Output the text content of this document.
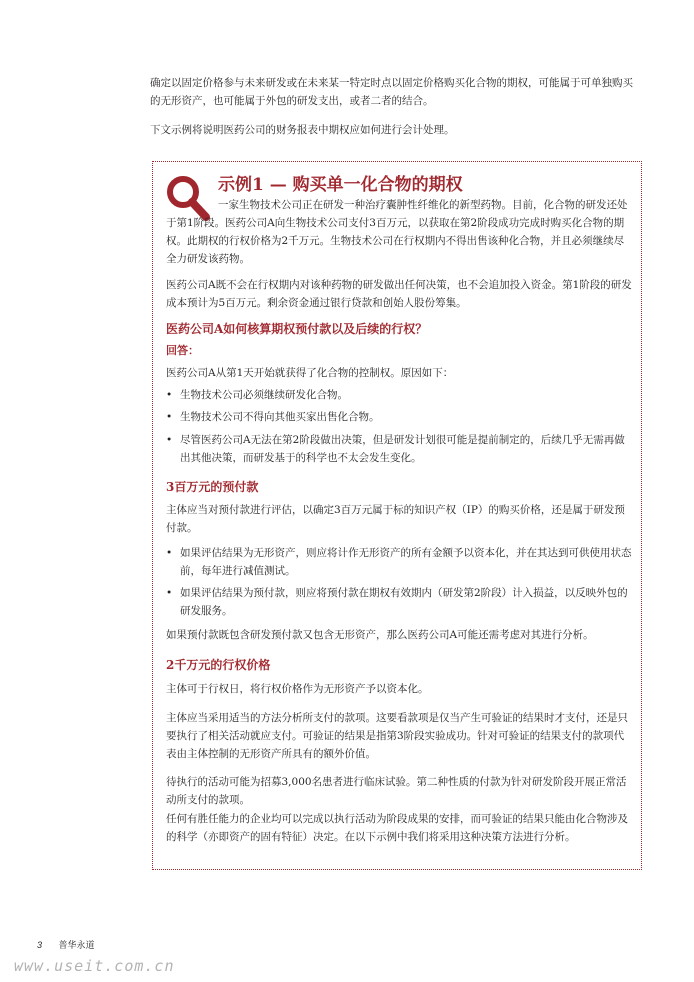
确定以固定价格参与未来研发或在未来某一特定时点以固定价格购买化合物的期权，可能属于可单独购买的无形资产，也可能属于外包的研发支出，或者二者的结合。

下文示例将说明医药公司的财务报表中期权应如何进行会计处理。

示例1 — 购买单一化合物的期权

一家生物技术公司正在研发一种治疗囊肿性纤维化的新型药物。目前，化合物的研发还处于第1阶段。医药公司A向生物技术公司支付3百万元，以获取在第2阶段成功完成时购买化合物的期权。此期权的行权价格为2千万元。生物技术公司在行权期内不得出售该种化合物，并且必须继续尽全力研发该药物。

医药公司A既不会在行权期内对该种药物的研发做出任何决策，也不会追加投入资金。第1阶段的研发成本预计为5百万元。剩余资金通过银行贷款和创始人股份筹集。

医药公司A如何核算期权预付款以及后续的行权？

回答：

医药公司A从第1天开始就获得了化合物的控制权。原因如下：

• 生物技术公司必须继续研发化合物。

• 生物技术公司不得向其他买家出售化合物。

• 尽管医药公司A无法在第2阶段做出决策，但是研发计划很可能是提前制定的，后续几乎无需再做出其他决策，而研发基于的科学也不太会发生变化。

3百万元的预付款

主体应当对预付款进行评估，以确定3百万元属于标的知识产权（IP）的购买价格，还是属于研发预付款。

• 如果评估结果为无形资产，则应将计作无形资产的所有金额予以资本化，并在其达到可供使用状态前，每年进行减值测试。

• 如果评估结果为预付款，则应将预付款在期权有效期内（研发第2阶段）计入损益，以反映外包的研发服务。

如果预付款既包含研发预付款又包含无形资产，那么医药公司A可能还需考虑对其进行分析。

2千万元的行权价格

主体可于行权日，将行权价格作为无形资产予以资本化。

主体应当采用适当的方法分析所支付的款项。这要看款项是仅当产生可验证的结果时才支付，还是只要执行了相关活动就应支付。可验证的结果是指第3阶段实验成功。针对可验证的结果支付的款项代表由主体控制的无形资产所具有的额外价值。

待执行的活动可能为招募3,000名患者进行临床试验。第二种性质的付款为针对研发阶段开展正常活动所支付的款项。

任何有胜任能力的企业均可以完成以执行活动为阶段成果的安排，而可验证的结果只能由化合物涉及的科学（亦即资产的固有特征）决定。在以下示例中我们将采用这种决策方法进行分析。

3 普华永道
www.useit.com.cn
